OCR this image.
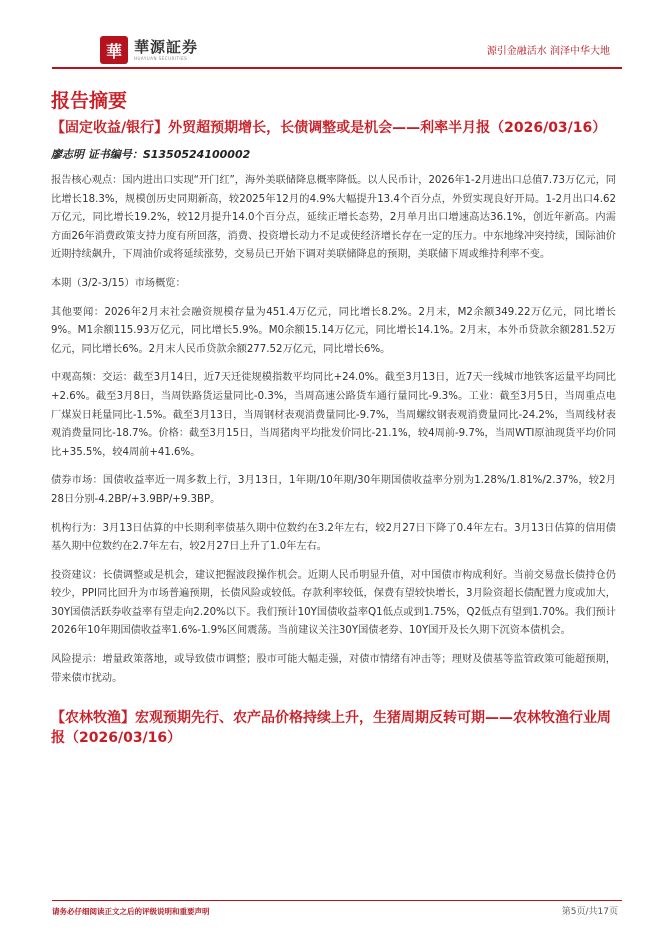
華 華源証券
HUAYUAN SECURITIES
源引金融活水 润泽中华大地
报告摘要
【固定收益/银行】外贸超预期增长，长债调整或是机会——利率半月报（2026/03/16）
廖志明 证书编号：S1350524100002

报告核心观点：国内进出口实现“开门红”，海外美联储降息概率降低。以人民币计，2026年1-2月进出口总值7.73万亿元，同比增长18.3%，规模创历史同期新高，较2025年12月的4.9%大幅提升13.4个百分点，外贸实现良好开局。1-2月出口4.62万亿元，同比增长19.2%，较12月提升14.0个百分点，延续正增长态势，2月单月出口增速高达36.1%，创近年新高。内需方面26年消费政策支持力度有所回落，消费、投资增长动力不足或使经济增长存在一定的压力。中东地缘冲突持续，国际油价近期持续飙升，下周油价或将延续涨势，交易员已开始下调对美联储降息的预期，美联储下周或维持利率不变。

本期（3/2-3/15）市场概览：

其他要闻：2026年2月末社会融资规模存量为451.4万亿元，同比增长8.2%。2月末，M2余额349.22万亿元，同比增长9%。M1余额115.93万亿元，同比增长5.9%。M0余额15.14万亿元，同比增长14.1%。2月末，本外币贷款余额281.52万亿元，同比增长6%。2月末人民币贷款余额277.52万亿元，同比增长6%。

中观高频：交运：截至3月14日，近7天迁徙规模指数平均同比+24.0%。截至3月13日，近7天一线城市地铁客运量平均同比+2.6%。截至3月8日，当周铁路货运量同比-0.3%，当周高速公路货车通行量同比-9.3%。工业：截至3月5日，当周重点电厂煤炭日耗量同比-1.5%。截至3月13日，当周钢材表观消费量同比-9.7%，当周螺纹钢表观消费量同比-24.2%，当周线材表观消费量同比-18.7%。价格：截至3月15日，当周猪肉平均批发价同比-21.1%，较4周前-9.7%，当周WTI原油现货平均价同比+35.5%，较4周前+41.6%。

债券市场：国债收益率近一周多数上行，3月13日，1年期/10年期/30年期国债收益率分别为1.28%/1.81%/2.37%，较2月28日分别-4.2BP/+3.9BP/+9.3BP。

机构行为：3月13日估算的中长期利率债基久期中位数约在3.2年左右，较2月27日下降了0.4年左右。3月13日估算的信用债基久期中位数约在2.7年左右，较2月27日上升了1.0年左右。

投资建议：长债调整或是机会，建议把握波段操作机会。近期人民币明显升值，对中国债市构成利好。当前交易盘长债持仓仍较少，PPI同比回升为市场普遍预期，长债风险或较低。存款利率较低，保费有望较快增长，3月险资超长债配置力度或加大，30Y国债活跃券收益率有望走向2.20%以下。我们预计10Y国债收益率Q1低点或到1.75%，Q2低点有望到1.70%。我们预计2026年10年期国债收益率1.6%-1.9%区间震荡。当前建议关注30Y国债老券、10Y国开及长久期下沉资本债机会。

风险提示：增量政策落地，或导致债市调整；股市可能大幅走强，对债市情绪有冲击等；理财及债基等监管政策可能超预期，带来债市扰动。

【农林牧渔】宏观预期先行、农产品价格持续上升，生猪周期反转可期——农林牧渔行业周报（2026/03/16）
请务必仔细阅读正文之后的评级说明和重要声明	第5页/共17页
